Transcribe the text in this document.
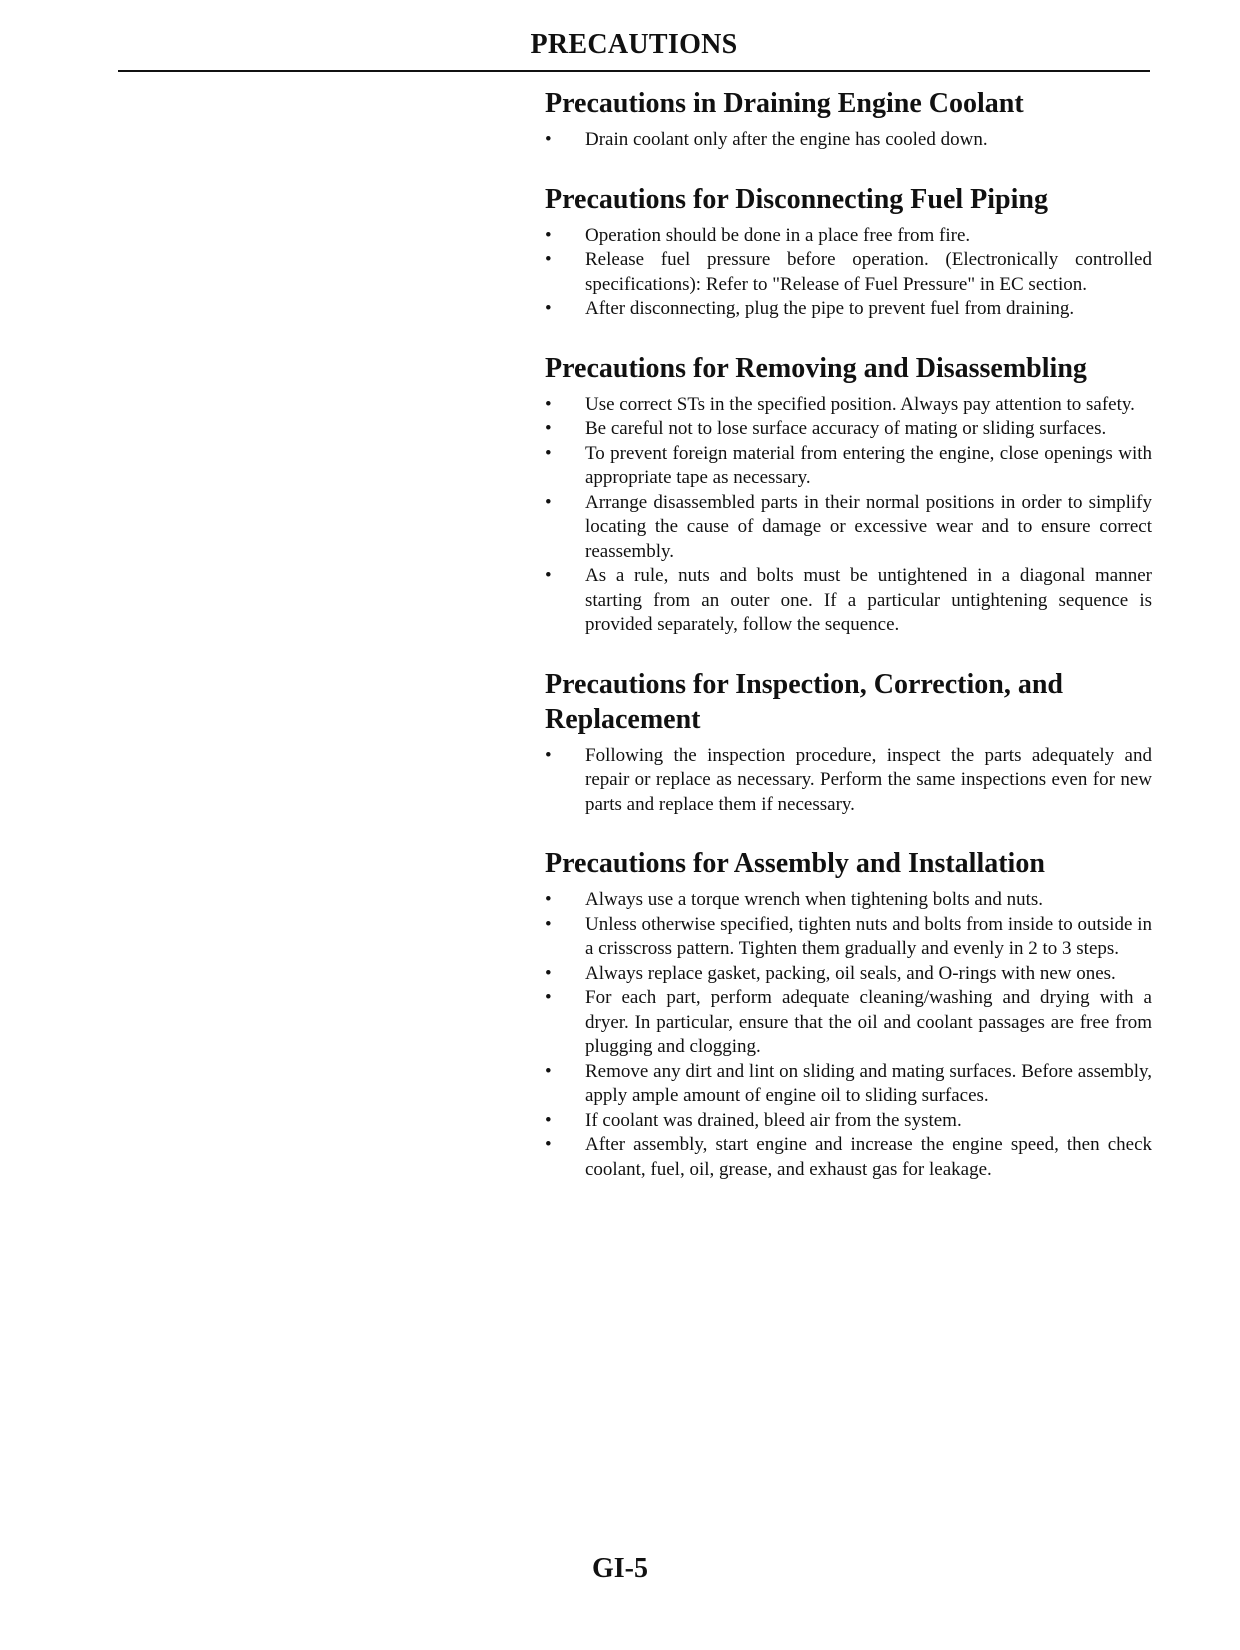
PRECAUTIONS
Precautions in Draining Engine Coolant
• Drain coolant only after the engine has cooled down.
Precautions for Disconnecting Fuel Piping
• Operation should be done in a place free from fire.
• Release fuel pressure before operation. (Electronically controlled specifications): Refer to "Release of Fuel Pressure" in EC section.
• After disconnecting, plug the pipe to prevent fuel from draining.
Precautions for Removing and Disassembling
• Use correct STs in the specified position. Always pay attention to safety.
• Be careful not to lose surface accuracy of mating or sliding surfaces.
• To prevent foreign material from entering the engine, close openings with appropriate tape as necessary.
• Arrange disassembled parts in their normal positions in order to simplify locating the cause of damage or excessive wear and to ensure correct reassembly.
• As a rule, nuts and bolts must be untightened in a diagonal manner starting from an outer one. If a particular untightening sequence is provided separately, follow the sequence.
Precautions for Inspection, Correction, and Replacement
• Following the inspection procedure, inspect the parts adequately and repair or replace as necessary. Perform the same inspections even for new parts and replace them if necessary.
Precautions for Assembly and Installation
• Always use a torque wrench when tightening bolts and nuts.
• Unless otherwise specified, tighten nuts and bolts from inside to outside in a crisscross pattern. Tighten them gradually and evenly in 2 to 3 steps.
• Always replace gasket, packing, oil seals, and O-rings with new ones.
• For each part, perform adequate cleaning/washing and drying with a dryer. In particular, ensure that the oil and coolant passages are free from plugging and clogging.
• Remove any dirt and lint on sliding and mating surfaces. Before assembly, apply ample amount of engine oil to sliding surfaces.
• If coolant was drained, bleed air from the system.
• After assembly, start engine and increase the engine speed, then check coolant, fuel, oil, grease, and exhaust gas for leakage.
GI-5
